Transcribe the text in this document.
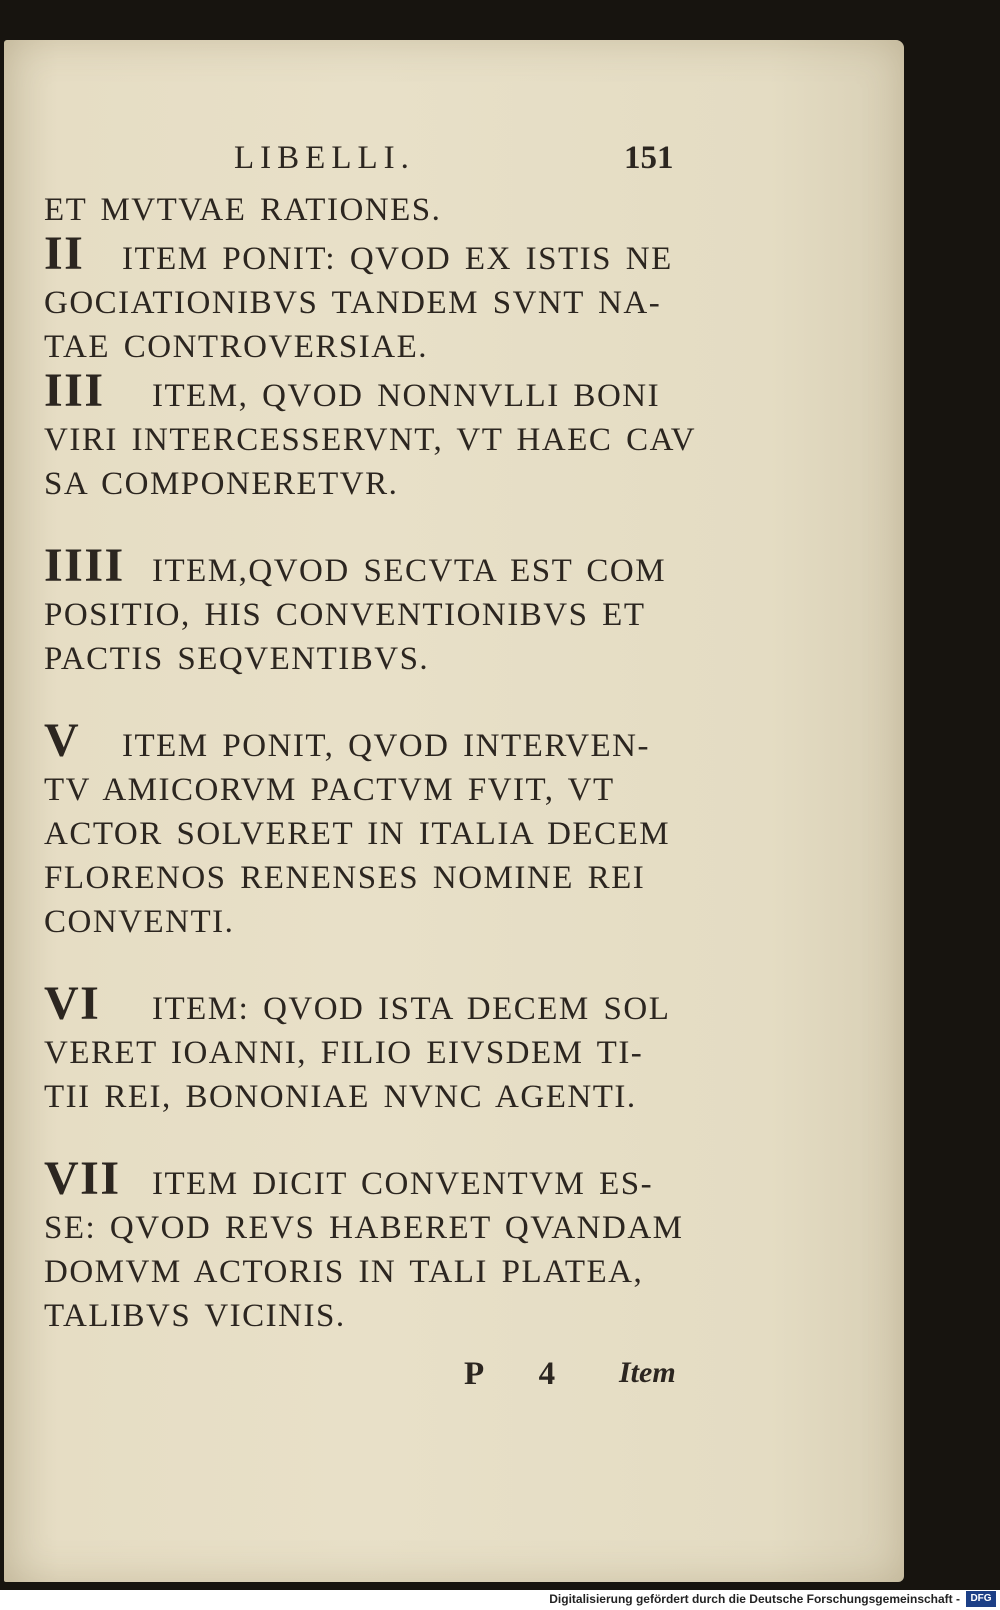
LIBELLI.	151
ET MVTVAE RATIONES.
II ITEM PONIT: QVOD EX ISTIS NE
GOCIATIONIBVS TANDEM SVNT NA-
TAE CONTROVERSIAE.
III ITEM, QVOD NONNVLLI BONI
VIRI INTERCESSERVNT, VT HAEC CAV
SA COMPONERETVR.
IIII ITEM,QVOD SECVTA EST COM
POSITIO, HIS CONVENTIONIBVS ET
PACTIS SEQVENTIBVS.
V ITEM PONIT, QVOD INTERVEN-
TV AMICORVM PACTVM FVIT, VT
ACTOR SOLVERET IN ITALIA DECEM
FLORENOS RENENSES NOMINE REI
CONVENTI.
VI ITEM: QVOD ISTA DECEM SOL
VERET IOANNI, FILIO EIVSDEM TI-
TII REI, BONONIAE NVNC AGENTI.
VII ITEM DICIT CONVENTVM ES-
SE: QVOD REVS HABERET QVANDAM
DOMVM ACTORIS IN TALI PLATEA,
TALIBVS VICINIS.
P 4 Item
Digitalisierung gefördert durch die Deutsche Forschungsgemeinschaft -	DFG
